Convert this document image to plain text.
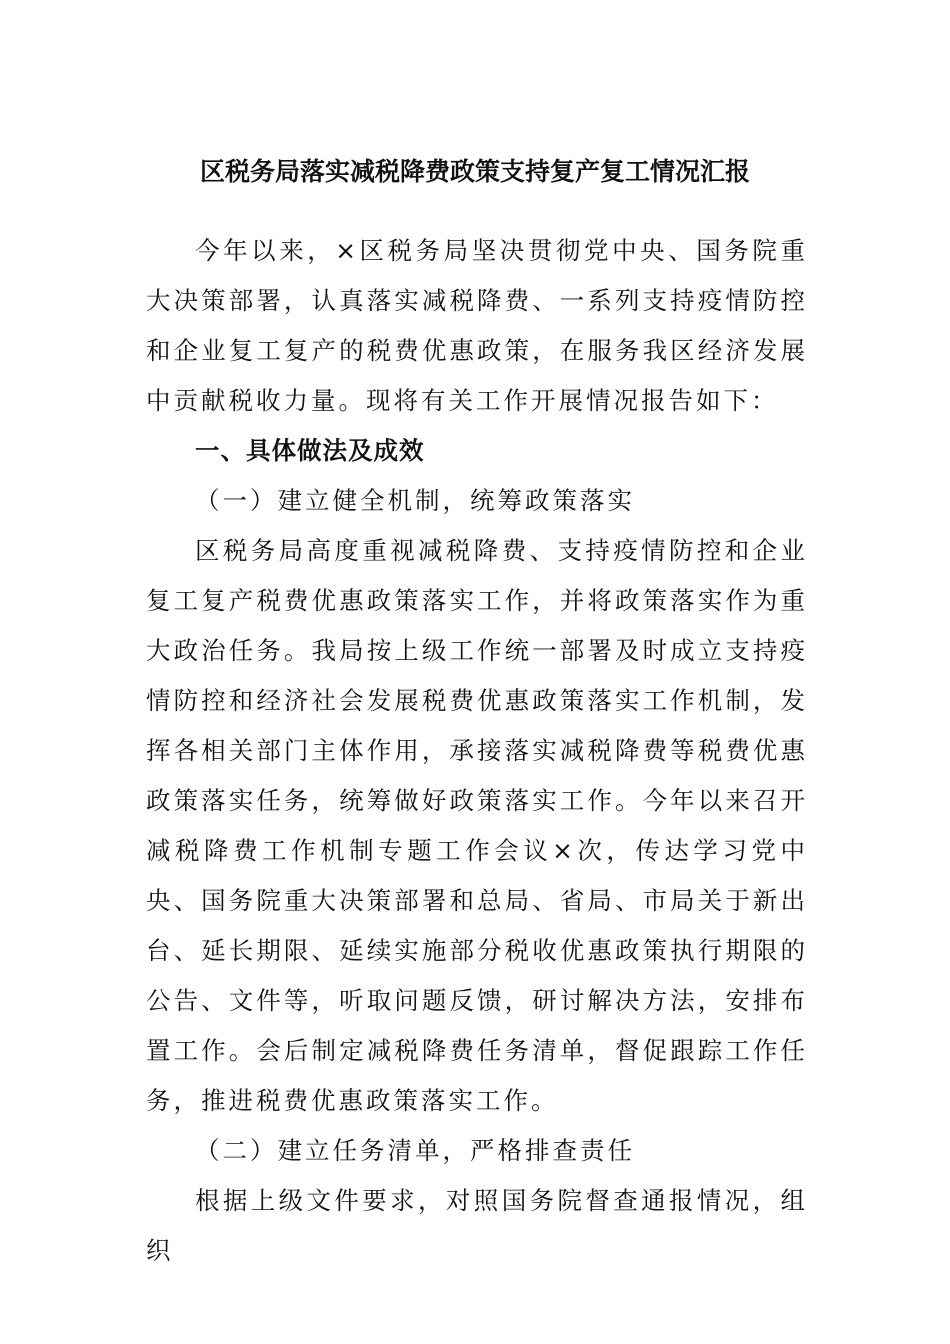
区税务局落实减税降费政策支持复产复工情况汇报

今年以来，×区税务局坚决贯彻党中央、国务院重大决策部署，认真落实减税降费、一系列支持疫情防控和企业复工复产的税费优惠政策，在服务我区经济发展中贡献税收力量。现将有关工作开展情况报告如下：

一、具体做法及成效

（一）建立健全机制，统筹政策落实

区税务局高度重视减税降费、支持疫情防控和企业复工复产税费优惠政策落实工作，并将政策落实作为重大政治任务。我局按上级工作统一部署及时成立支持疫情防控和经济社会发展税费优惠政策落实工作机制，发挥各相关部门主体作用，承接落实减税降费等税费优惠政策落实任务，统筹做好政策落实工作。今年以来召开减税降费工作机制专题工作会议×次，传达学习党中央、国务院重大决策部署和总局、省局、市局关于新出台、延长期限、延续实施部分税收优惠政策执行期限的公告、文件等，听取问题反馈，研讨解决方法，安排布置工作。会后制定减税降费任务清单，督促跟踪工作任务，推进税费优惠政策落实工作。

（二）建立任务清单，严格排查责任

根据上级文件要求，对照国务院督查通报情况，组织
